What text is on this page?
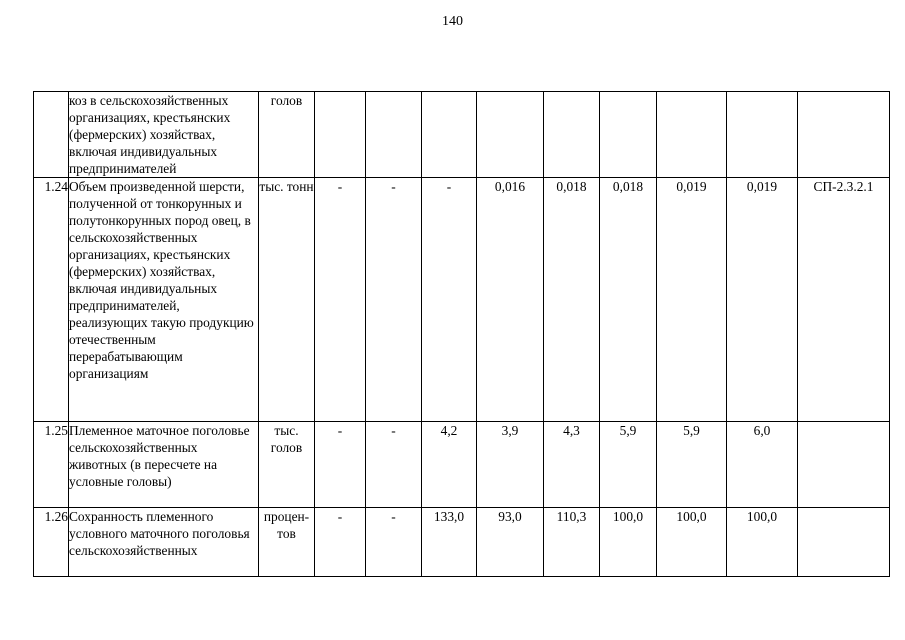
140
	коз в сельскохозяйственных организациях, крестьянских (фермерских) хозяйствах, включая индивидуальных предпринимателей	голов									
1.24	Объем произведенной шерсти, полученной от тонкорунных и полутонкорунных пород овец, в сельскохозяйственных организациях, крестьянских (фермерских) хозяйствах, включая индивидуальных предпринимателей, реализующих такую продукцию отечественным перерабатывающим организациям	тыс. тонн	-	-	-	0,016	0,018	0,018	0,019	0,019	СП-2.3.2.1
1.25	Племенное маточное поголовье сельскохозяйственных животных (в пересчете на условные головы)	тыс. голов	-	-	4,2	3,9	4,3	5,9	5,9	6,0	
1.26	Сохранность племенного условного маточного поголовья сельскохозяйственных	процен-тов	-	-	133,0	93,0	110,3	100,0	100,0	100,0	
